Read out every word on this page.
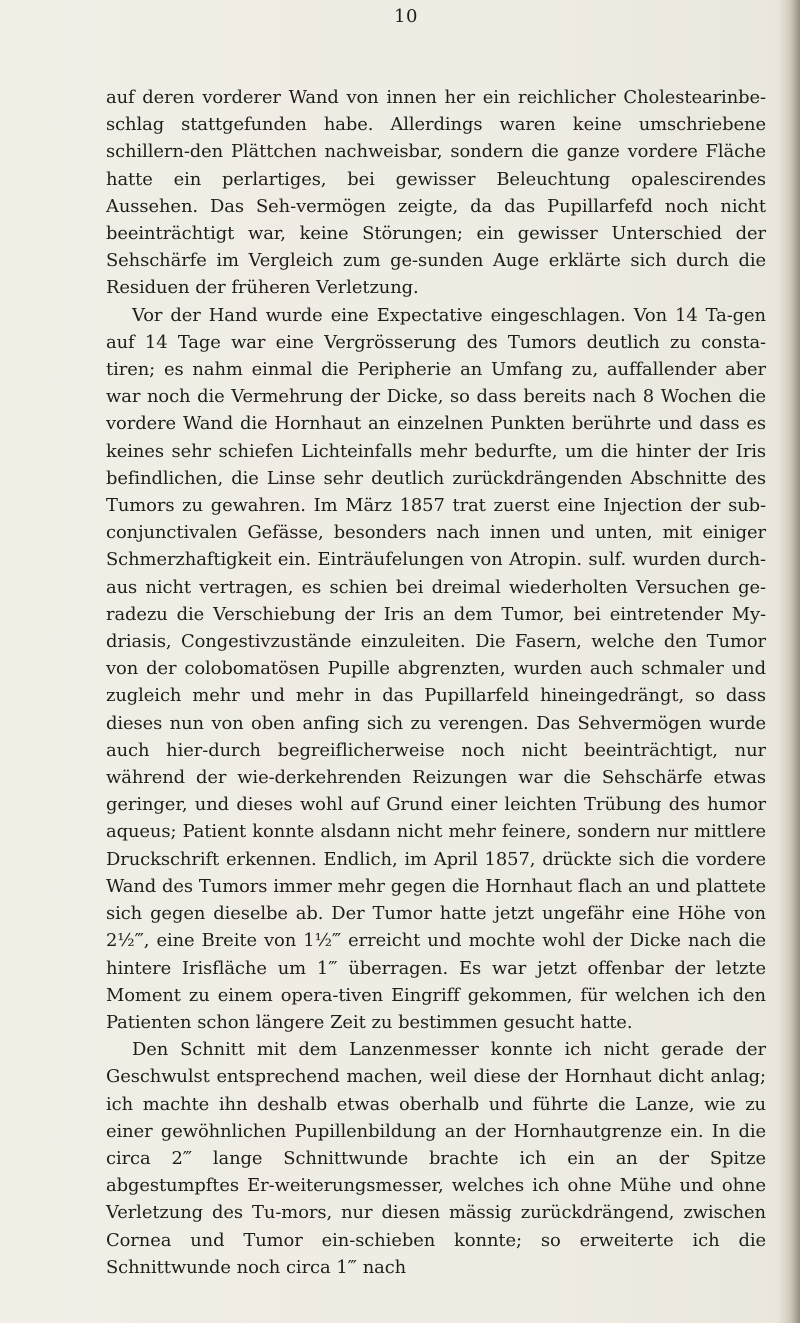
10

auf deren vorderer Wand von innen her ein reichlicher Cholestearinbe-schlag stattgefunden habe. Allerdings waren keine umschriebene schillern-den Plättchen nachweisbar, sondern die ganze vordere Fläche hatte ein perlartiges, bei gewisser Beleuchtung opalescirendes Aussehen. Das Seh-vermögen zeigte, da das Pupillarfefd noch nicht beeinträchtigt war, keine Störungen; ein gewisser Unterschied der Sehschärfe im Vergleich zum ge-sunden Auge erklärte sich durch die Residuen der früheren Verletzung.

Vor der Hand wurde eine Expectative eingeschlagen. Von 14 Ta-gen auf 14 Tage war eine Vergrösserung des Tumors deutlich zu consta-tiren; es nahm einmal die Peripherie an Umfang zu, auffallender aber war noch die Vermehrung der Dicke, so dass bereits nach 8 Wochen die vordere Wand die Hornhaut an einzelnen Punkten berührte und dass es keines sehr schiefen Lichteinfalls mehr bedurfte, um die hinter der Iris befindlichen, die Linse sehr deutlich zurückdrängenden Abschnitte des Tumors zu gewahren. Im März 1857 trat zuerst eine Injection der sub-conjunctivalen Gefässe, besonders nach innen und unten, mit einiger Schmerzhaftigkeit ein. Einträufelungen von Atropin. sulf. wurden durch-aus nicht vertragen, es schien bei dreimal wiederholten Versuchen ge-radezu die Verschiebung der Iris an dem Tumor, bei eintretender My-driasis, Congestivzustände einzuleiten. Die Fasern, welche den Tumor von der colobomatösen Pupille abgrenzten, wurden auch schmaler und zugleich mehr und mehr in das Pupillarfeld hineingedrängt, so dass dieses nun von oben anfing sich zu verengen. Das Sehvermögen wurde auch hier-durch begreiflicherweise noch nicht beeinträchtigt, nur während der wie-derkehrenden Reizungen war die Sehschärfe etwas geringer, und dieses wohl auf Grund einer leichten Trübung des humor aqueus; Patient konnte alsdann nicht mehr feinere, sondern nur mittlere Druckschrift erkennen. Endlich, im April 1857, drückte sich die vordere Wand des Tumors immer mehr gegen die Hornhaut flach an und plattete sich gegen dieselbe ab. Der Tumor hatte jetzt ungefähr eine Höhe von 2½‴, eine Breite von 1½‴ erreicht und mochte wohl der Dicke nach die hintere Irisfläche um 1‴ überragen. Es war jetzt offenbar der letzte Moment zu einem opera-tiven Eingriff gekommen, für welchen ich den Patienten schon längere Zeit zu bestimmen gesucht hatte.

Den Schnitt mit dem Lanzenmesser konnte ich nicht gerade der Geschwulst entsprechend machen, weil diese der Hornhaut dicht anlag; ich machte ihn deshalb etwas oberhalb und führte die Lanze, wie zu einer gewöhnlichen Pupillenbildung an der Hornhautgrenze ein. In die circa 2‴ lange Schnittwunde brachte ich ein an der Spitze abgestumpftes Er-weiterungsmesser, welches ich ohne Mühe und ohne Verletzung des Tu-mors, nur diesen mässig zurückdrängend, zwischen Cornea und Tumor ein-schieben konnte; so erweiterte ich die Schnittwunde noch circa 1‴ nach
